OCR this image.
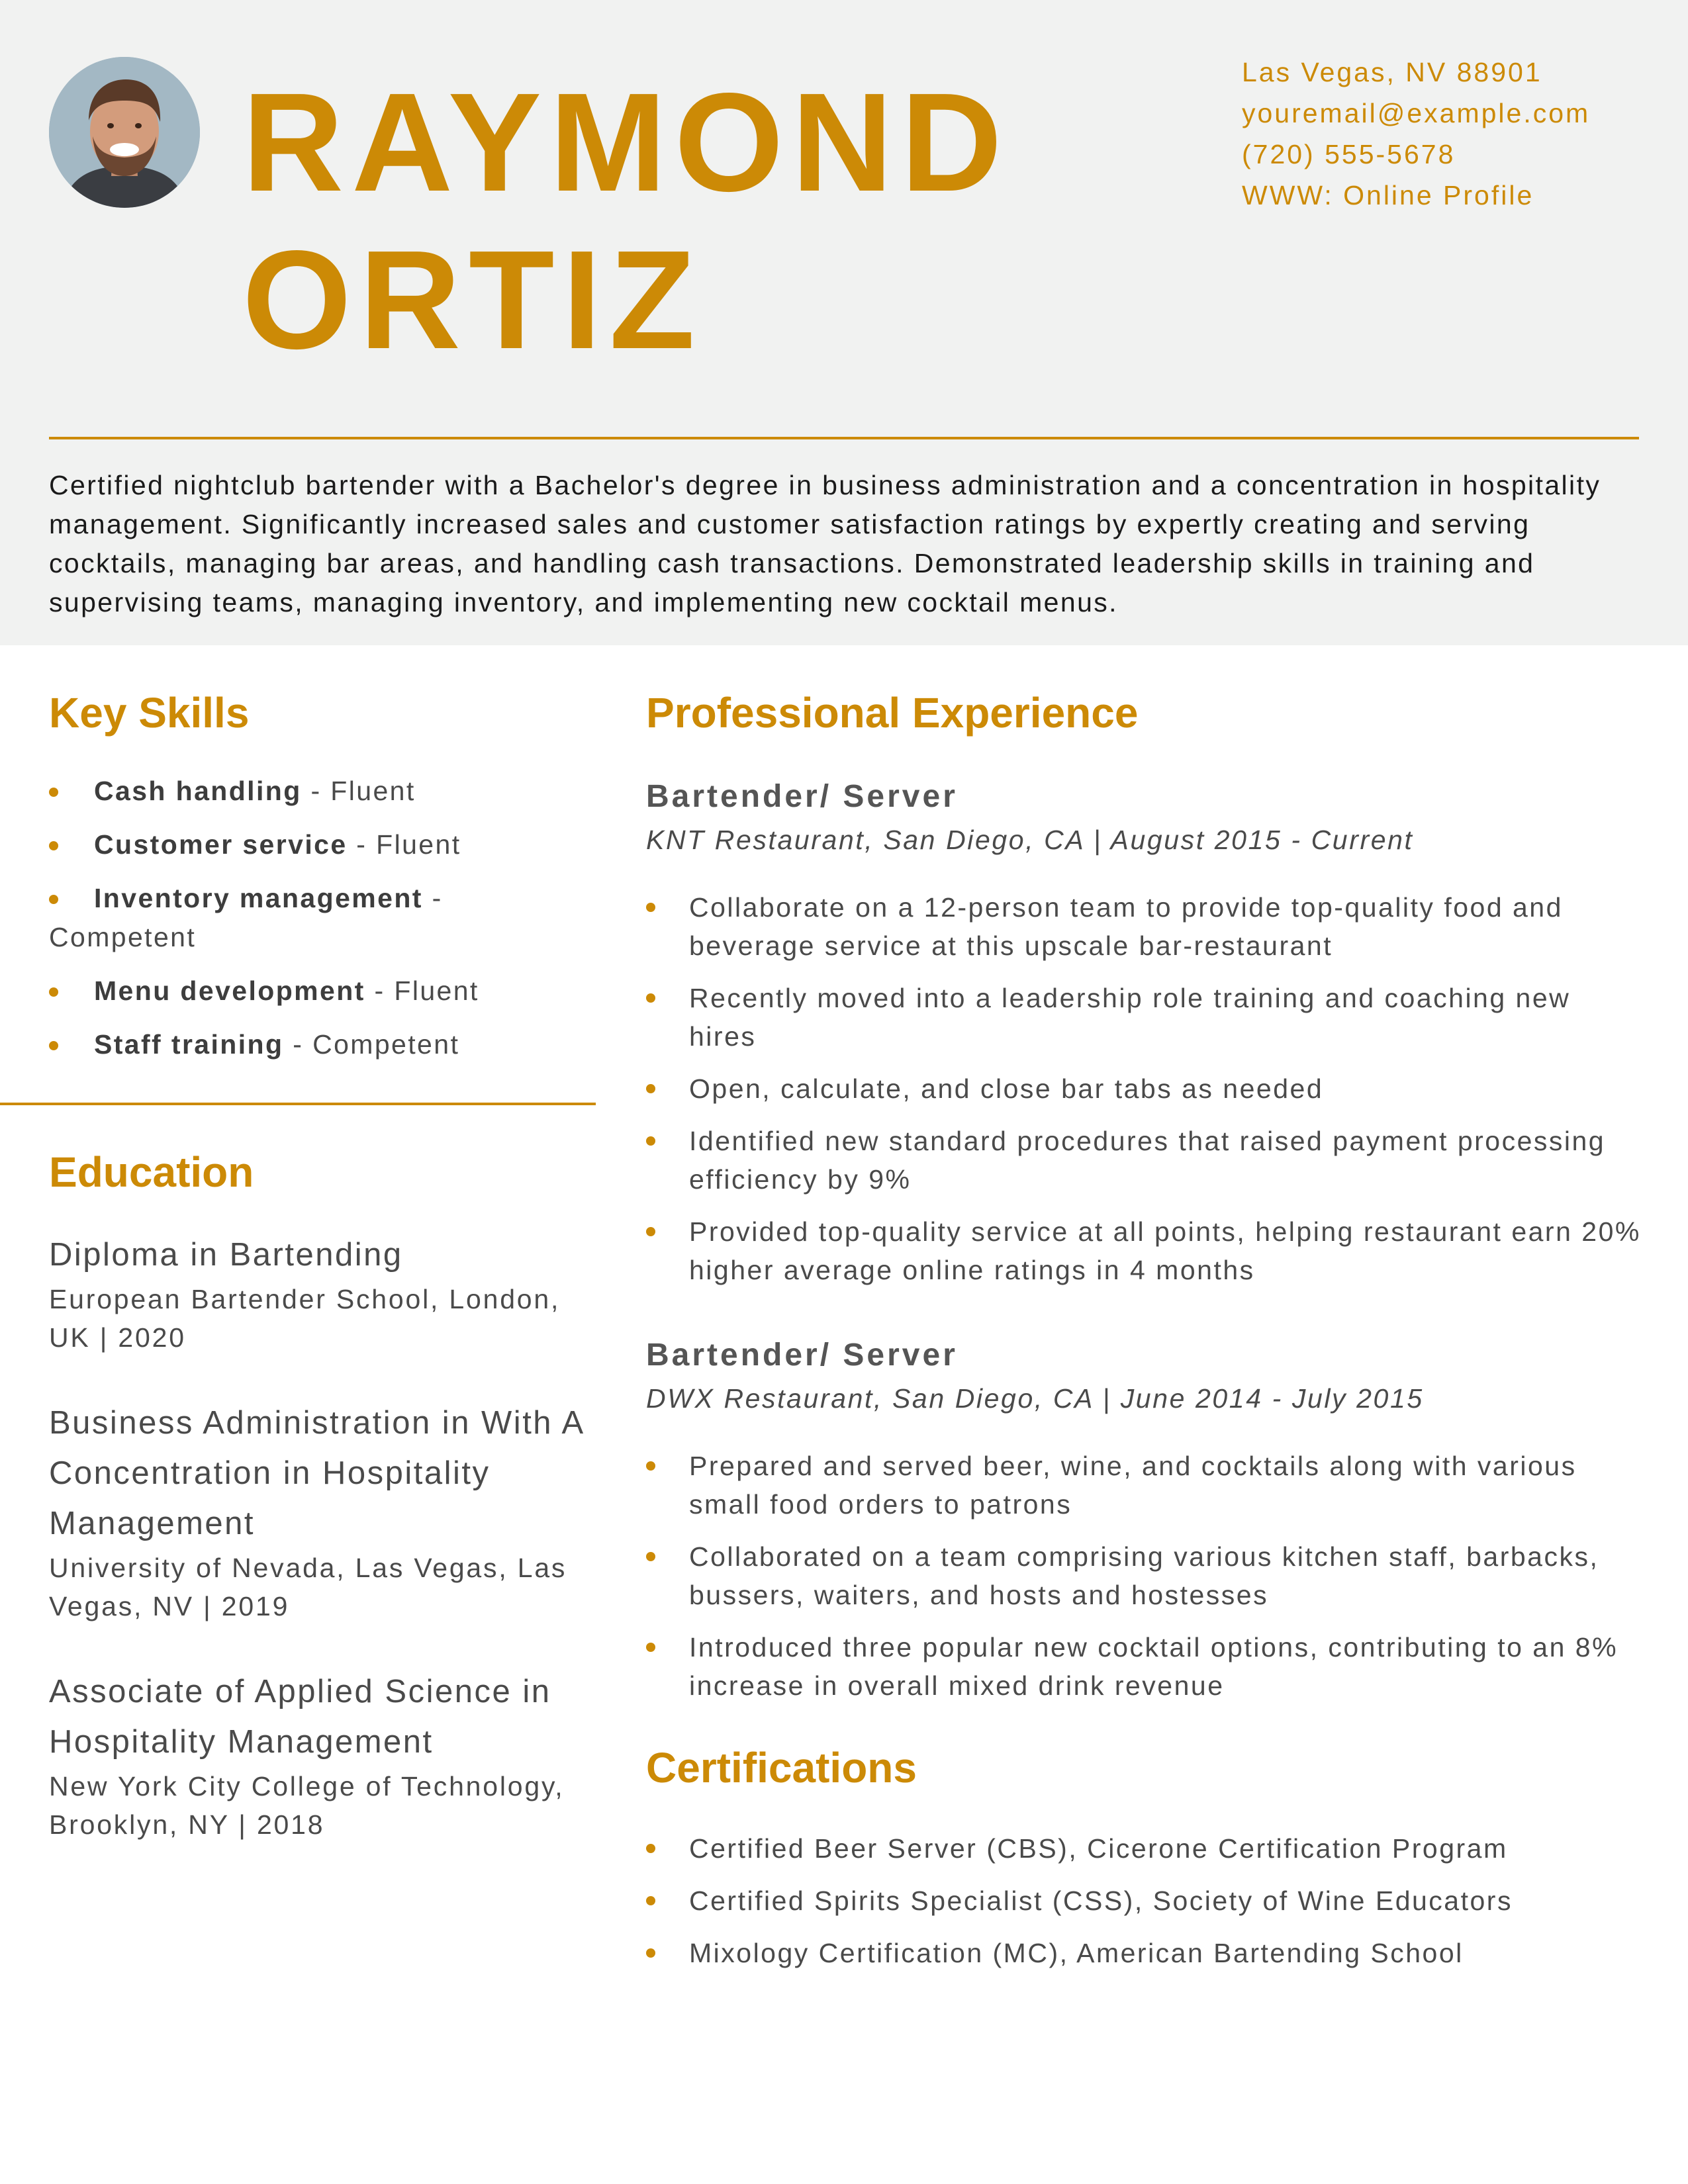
RAYMOND
ORTIZ
Las Vegas, NV 88901
youremail@example.com
(720) 555-5678
WWW: Online Profile

Certified nightclub bartender with a Bachelor's degree in business administration and a concentration in hospitality management. Significantly increased sales and customer satisfaction ratings by expertly creating and serving cocktails, managing bar areas, and handling cash transactions. Demonstrated leadership skills in training and supervising teams, managing inventory, and implementing new cocktail menus.

Key Skills
Cash handling - Fluent
Customer service - Fluent
Inventory management - Competent
Menu development - Fluent
Staff training - Competent
Education

Diploma in Bartending

European Bartender School, London, UK | 2020

Business Administration in With A Concentration in Hospitality Management

University of Nevada, Las Vegas, Las Vegas, NV | 2019

Associate of Applied Science in Hospitality Management

New York City College of Technology, Brooklyn, NY | 2018

Professional Experience
Bartender/ Server

KNT Restaurant, San Diego, CA | August 2015 - Current

Collaborate on a 12-person team to provide top-quality food and beverage service at this upscale bar-restaurant
Recently moved into a leadership role training and coaching new hires
Open, calculate, and close bar tabs as needed
Identified new standard procedures that raised payment processing efficiency by 9%
Provided top-quality service at all points, helping restaurant earn 20% higher average online ratings in 4 months
Bartender/ Server

DWX Restaurant, San Diego, CA | June 2014 - July 2015

Prepared and served beer, wine, and cocktails along with various small food orders to patrons
Collaborated on a team comprising various kitchen staff, barbacks, bussers, waiters, and hosts and hostesses
Introduced three popular new cocktail options, contributing to an 8% increase in overall mixed drink revenue
Certifications
Certified Beer Server (CBS), Cicerone Certification Program
Certified Spirits Specialist (CSS), Society of Wine Educators
Mixology Certification (MC), American Bartending School
